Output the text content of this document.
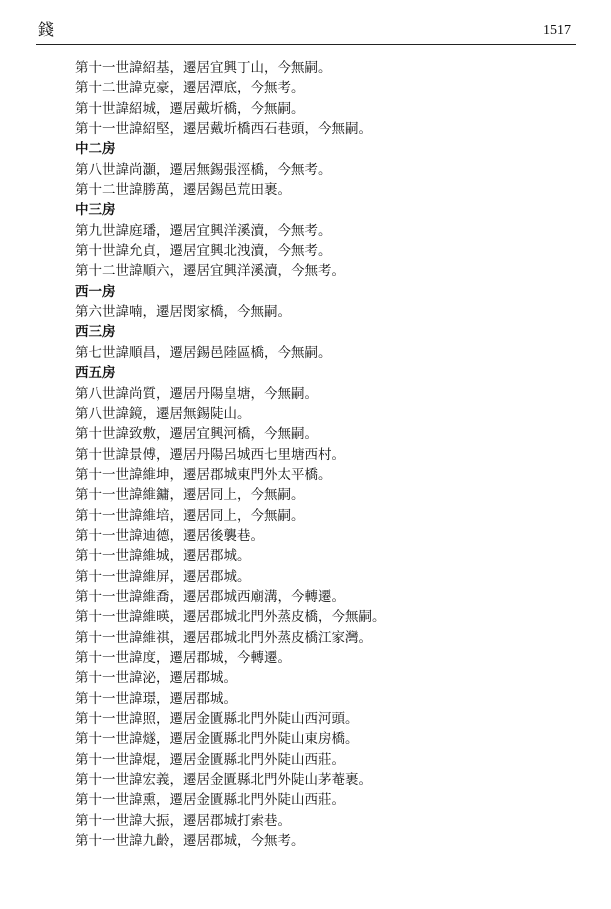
錢	1517
第十一世諱紹基，遷居宜興丁山，今無嗣。
第十二世諱克豪，遷居潭底，今無考。
第十世諱紹城，遷居戴圻橋，今無嗣。
第十一世諱紹堅，遷居戴圻橋西石巷頭，今無嗣。
中二房
第八世諱尚灝，遷居無錫張涇橋，今無考。
第十二世諱勝萬，遷居錫邑荒田裹。
中三房
第九世諱庭璠，遷居宜興洋溪瀆，今無考。
第十世諱允貞，遷居宜興北洩瀆，今無考。
第十二世諱順六，遷居宜興洋溪瀆，今無考。
西一房
第六世諱喃，遷居閔家橋，今無嗣。
西三房
第七世諱順昌，遷居錫邑陸區橋，今無嗣。
西五房
第八世諱尚質，遷居丹陽皇塘，今無嗣。
第八世諱鏡，遷居無錫陡山。
第十世諱致敷，遷居宜興河橋，今無嗣。
第十世諱景傅，遷居丹陽呂城西七里塘西村。
第十一世諱維坤，遷居郡城東門外太平橋。
第十一世諱維鏞，遷居同上，今無嗣。
第十一世諱維培，遷居同上，今無嗣。
第十一世諱迪德，遷居後襲巷。
第十一世諱維城，遷居郡城。
第十一世諱維屏，遷居郡城。
第十一世諱維喬，遷居郡城西廟溝，今轉遷。
第十一世諱維暎，遷居郡城北門外蒸皮橋，今無嗣。
第十一世諱維祺，遷居郡城北門外蒸皮橋江家灣。
第十一世諱度，遷居郡城，今轉遷。
第十一世諱泌，遷居郡城。
第十一世諱璟，遷居郡城。
第十一世諱照，遷居金匱縣北門外陡山西河頭。
第十一世諱燧，遷居金匱縣北門外陡山東房橋。
第十一世諱焜，遷居金匱縣北門外陡山西莊。
第十一世諱宏義，遷居金匱縣北門外陡山茅菴裹。
第十一世諱熏，遷居金匱縣北門外陡山西莊。
第十一世諱大振，遷居郡城打索巷。
第十一世諱九齡，遷居郡城，今無考。
